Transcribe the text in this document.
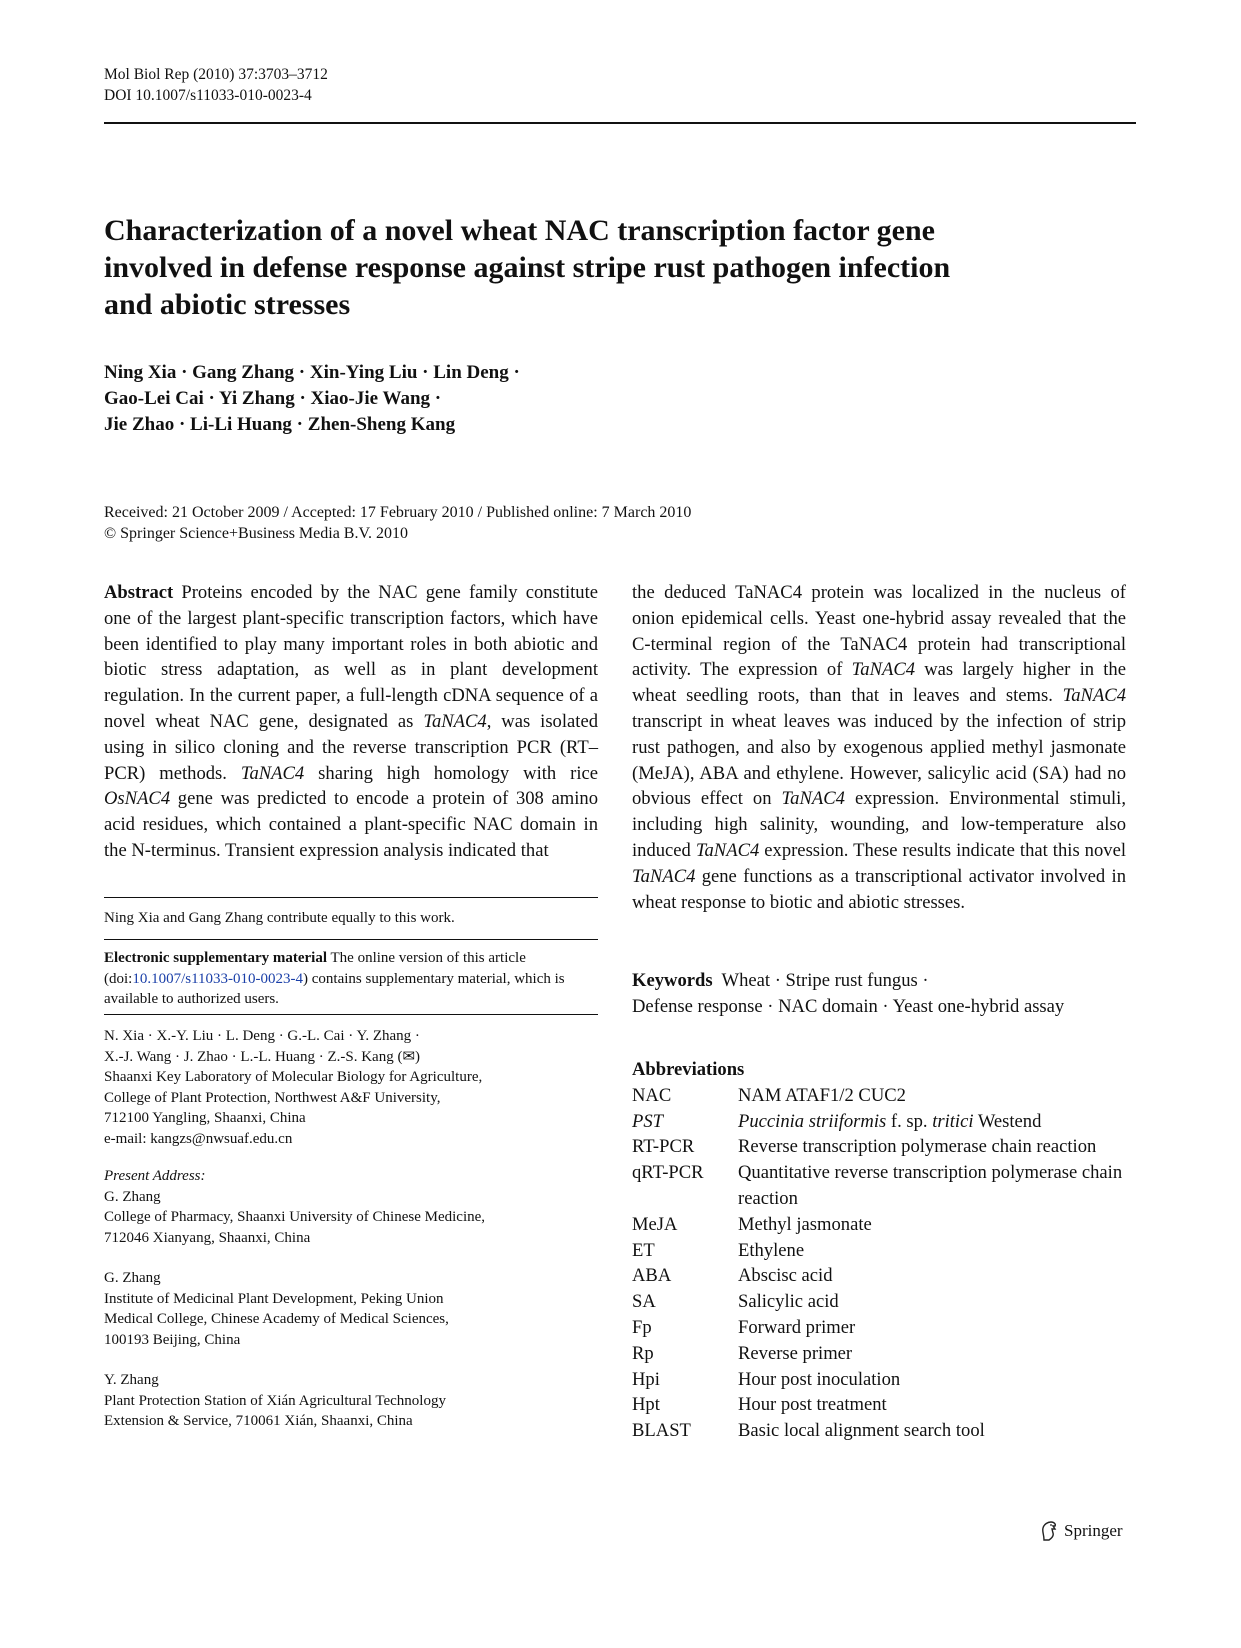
Mol Biol Rep (2010) 37:3703–3712
DOI 10.1007/s11033-010-0023-4
Characterization of a novel wheat NAC transcription factor gene
involved in defense response against stripe rust pathogen infection
and abiotic stresses
Ning Xia · Gang Zhang · Xin-Ying Liu · Lin Deng ·
Gao-Lei Cai · Yi Zhang · Xiao-Jie Wang ·
Jie Zhao · Li-Li Huang · Zhen-Sheng Kang
Received: 21 October 2009 / Accepted: 17 February 2010 / Published online: 7 March 2010
© Springer Science+Business Media B.V. 2010

Abstract Proteins encoded by the NAC gene family constitute one of the largest plant-specific transcription factors, which have been identified to play many important roles in both abiotic and biotic stress adaptation, as well as in plant development regulation. In the current paper, a full-length cDNA sequence of a novel wheat NAC gene, designated as TaNAC4, was isolated using in silico cloning and the reverse transcription PCR (RT–PCR) methods. TaNAC4 sharing high homology with rice OsNAC4 gene was predicted to encode a protein of 308 amino acid residues, which contained a plant-specific NAC domain in the N-terminus. Transient expression analysis indicated that

Ning Xia and Gang Zhang contribute equally to this work.

Electronic supplementary material The online version of this article (doi:10.1007/s11033-010-0023-4) contains supplementary material, which is available to authorized users.

N. Xia · X.-Y. Liu · L. Deng · G.-L. Cai · Y. Zhang ·

X.-J. Wang · J. Zhao · L.-L. Huang · Z.-S. Kang (✉)

Shaanxi Key Laboratory of Molecular Biology for Agriculture,

College of Plant Protection, Northwest A&F University,

712100 Yangling, Shaanxi, China

e-mail: kangzs@nwsuaf.edu.cn

Present Address:

G. Zhang

College of Pharmacy, Shaanxi University of Chinese Medicine,

712046 Xianyang, Shaanxi, China

G. Zhang

Institute of Medicinal Plant Development, Peking Union

Medical College, Chinese Academy of Medical Sciences,

100193 Beijing, China

Y. Zhang

Plant Protection Station of Xián Agricultural Technology

Extension & Service, 710061 Xián, Shaanxi, China

the deduced TaNAC4 protein was localized in the nucleus of onion epidemical cells. Yeast one-hybrid assay revealed that the C-terminal region of the TaNAC4 protein had transcriptional activity. The expression of TaNAC4 was largely higher in the wheat seedling roots, than that in leaves and stems. TaNAC4 transcript in wheat leaves was induced by the infection of strip rust pathogen, and also by exogenous applied methyl jasmonate (MeJA), ABA and ethylene. However, salicylic acid (SA) had no obvious effect on TaNAC4 expression. Environmental stimuli, including high salinity, wounding, and low-temperature also induced TaNAC4 expression. These results indicate that this novel TaNAC4 gene functions as a transcriptional activator involved in wheat response to biotic and abiotic stresses.

Keywords  Wheat · Stripe rust fungus ·
Defense response · NAC domain · Yeast one-hybrid assay
Abbreviations
NAC	NAM ATAF1/2 CUC2
PST	Puccinia striiformis f. sp. tritici Westend
RT-PCR	Reverse transcription polymerase chain reaction
qRT-PCR	Quantitative reverse transcription polymerase chain reaction
MeJA	Methyl jasmonate
ET	Ethylene
ABA	Abscisc acid
SA	Salicylic acid
Fp	Forward primer
Rp	Reverse primer
Hpi	Hour post inoculation
Hpt	Hour post treatment
BLAST	Basic local alignment search tool
Springer
